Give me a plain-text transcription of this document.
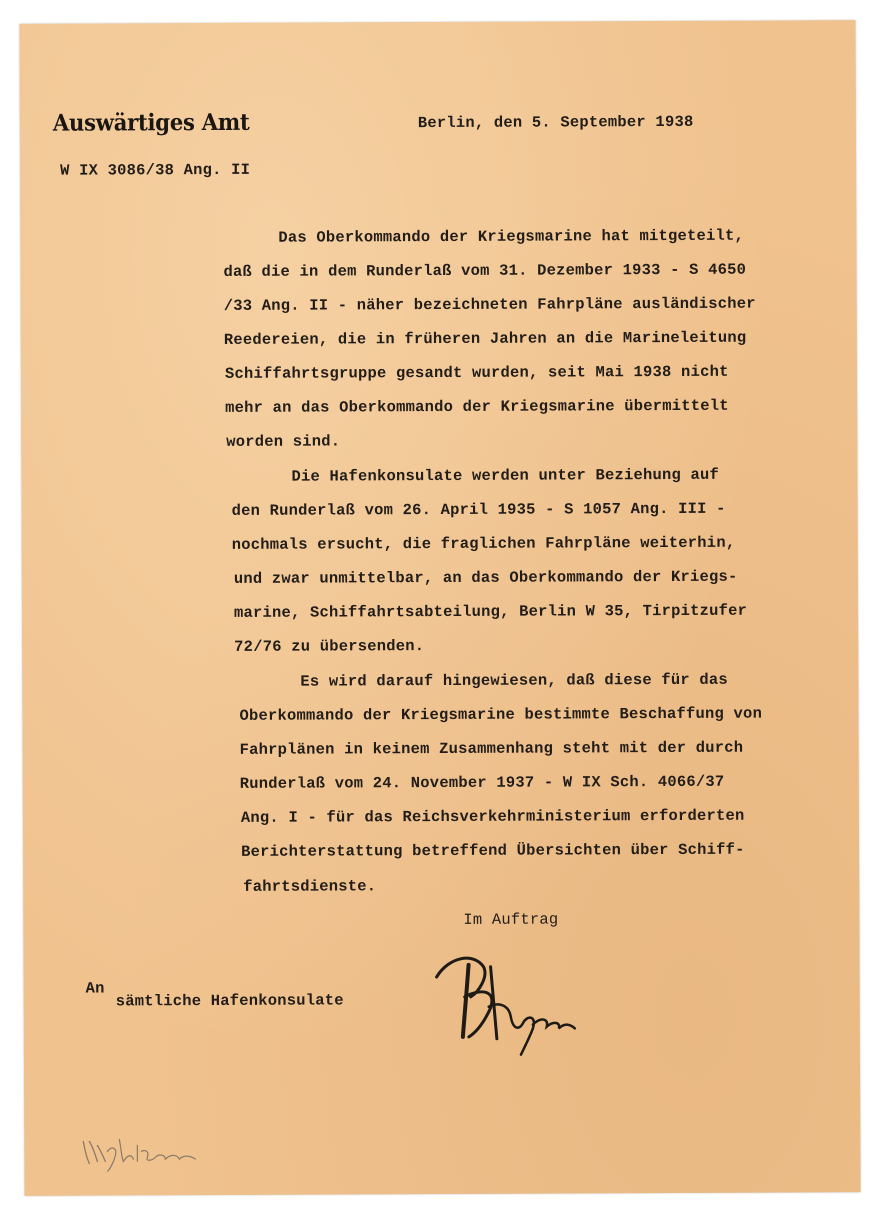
Auswärtiges Amt	Berlin, den 5. September 1938
W IX 3086/38 Ang. II
Das Oberkommando der Kriegsmarine hat mitgeteilt,
daß die in dem Runderlaß vom 31. Dezember 1933 - S 4650
/33 Ang. II - näher bezeichneten Fahrpläne ausländischer
Reedereien, die in früheren Jahren an die Marineleitung
Schiffahrtsgruppe gesandt wurden, seit Mai 1938 nicht
mehr an das Oberkommando der Kriegsmarine übermittelt
worden sind.
Die Hafenkonsulate werden unter Beziehung auf
den Runderlaß vom 26. April 1935 - S 1057 Ang. III -
nochmals ersucht, die fraglichen Fahrpläne weiterhin,
und zwar unmittelbar, an das Oberkommando der Kriegs-
marine, Schiffahrtsabteilung, Berlin W 35, Tirpitzufer
72/76 zu übersenden.
Es wird darauf hingewiesen, daß diese für das
Oberkommando der Kriegsmarine bestimmte Beschaffung von
Fahrplänen in keinem Zusammenhang steht mit der durch
Runderlaß vom 24. November 1937 - W IX Sch. 4066/37
Ang. I - für das Reichsverkehrministerium erforderten
Berichterstattung betreffend Übersichten über Schiff-
fahrtsdienste.
Im Auftrag
An
sämtliche Hafenkonsulate
